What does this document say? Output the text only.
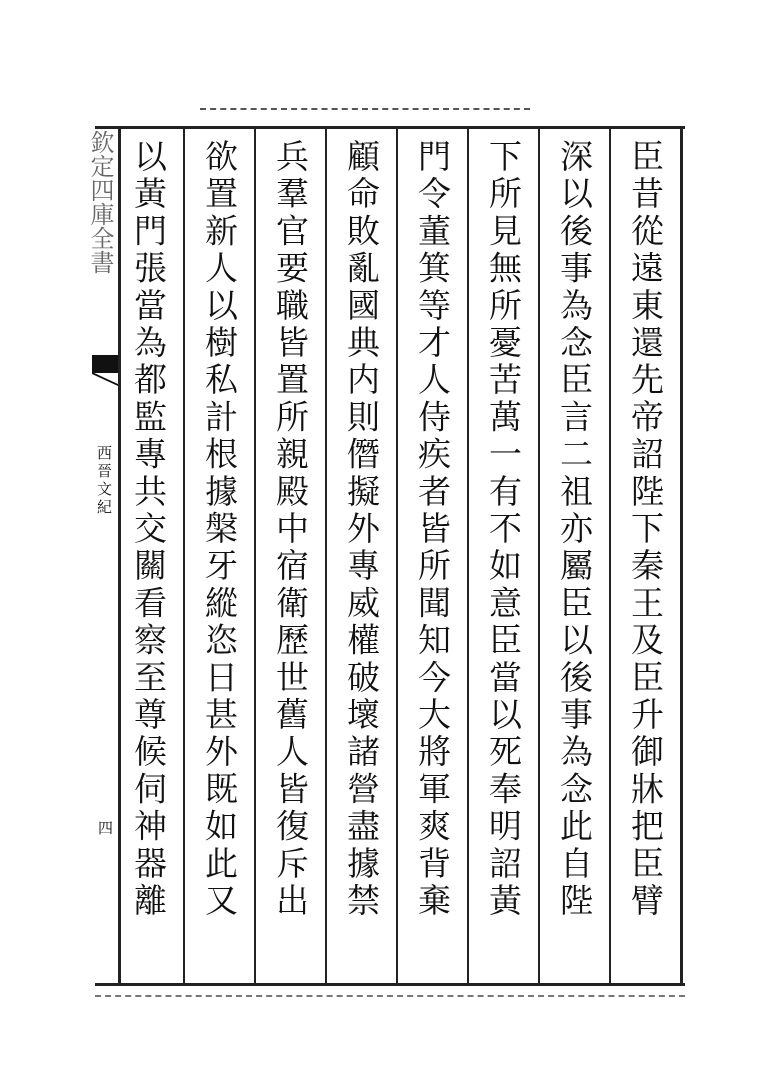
欽定四庫全書
西晉文紀
四	臣昔從遠東還先帝詔陛下秦王及臣升御牀把臣臂
深以後事為念臣言二祖亦屬臣以後事為念此自陛
下所見無所憂苦萬一有不如意臣當以死奉明詔黃
門令董箕等才人侍疾者皆所聞知今大將軍爽背棄
顧命敗亂國典内則僭擬外專威權破壞諸營盡據禁
兵羣官要職皆置所親殿中宿衛歷世舊人皆復斥出
欲置新人以樹私計根據槃牙縱恣日甚外既如此又
以黃門張當為都監專共交關看察至尊候伺神器離
